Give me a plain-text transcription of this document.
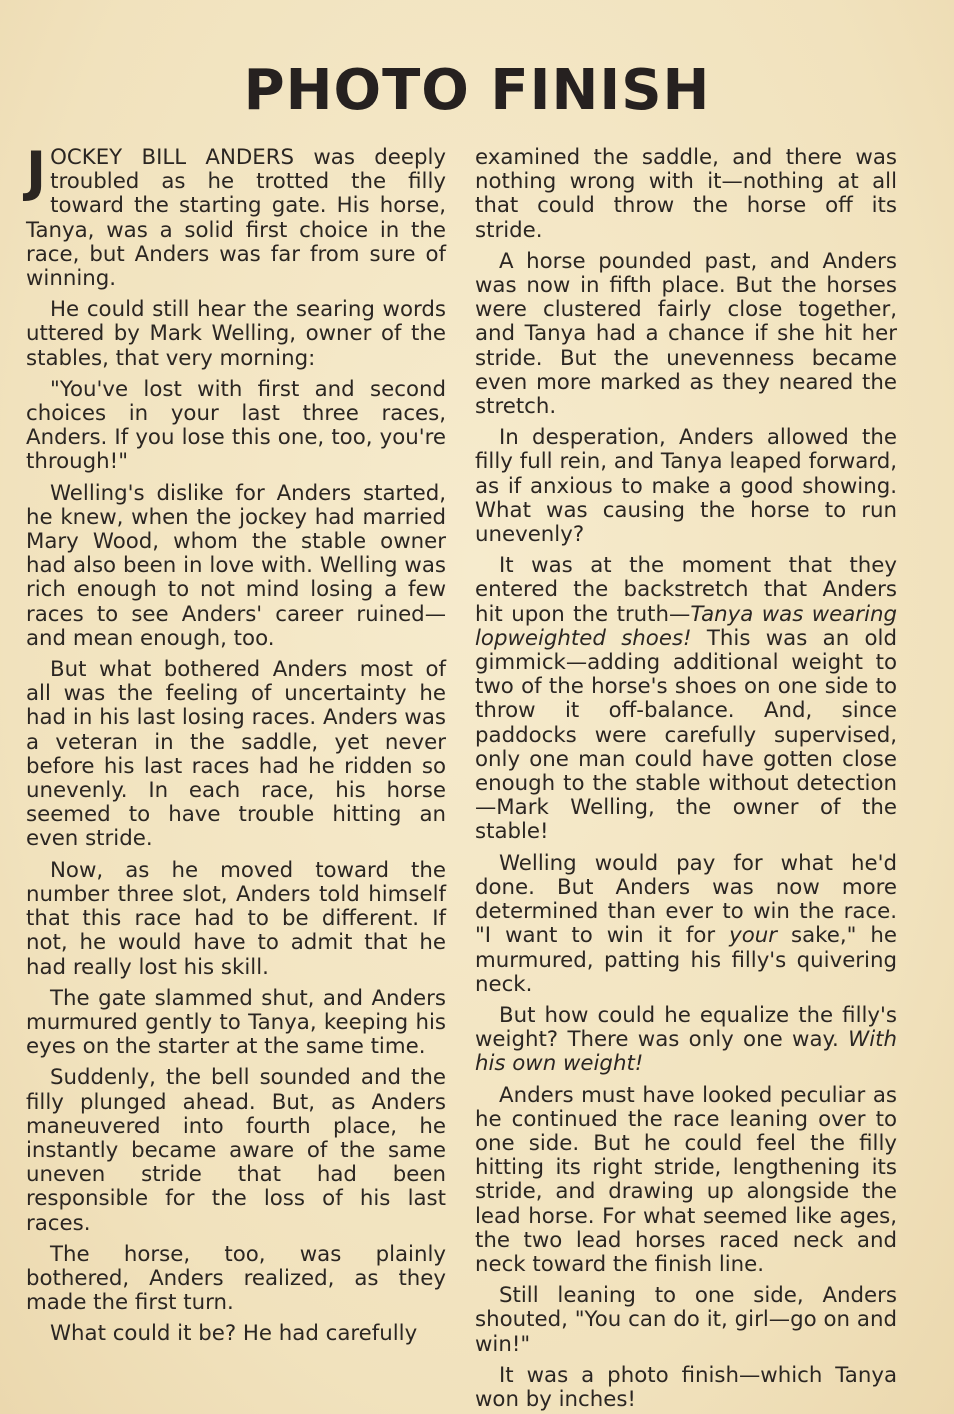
PHOTO FINISH

JOCKEY BILL ANDERS was deeply troubled as he trotted the filly toward the starting gate. His horse, Tanya, was a solid first choice in the race, but Anders was far from sure of winning.

He could still hear the searing words uttered by Mark Welling, owner of the stables, that very morning:

"You've lost with first and second choices in your last three races, Anders. If you lose this one, too, you're through!"

Welling's dislike for Anders started, he knew, when the jockey had married Mary Wood, whom the stable owner had also been in love with. Welling was rich enough to not mind losing a few races to see Anders' career ruined—and mean enough, too.

But what bothered Anders most of all was the feeling of uncertainty he had in his last losing races. Anders was a veteran in the saddle, yet never before his last races had he ridden so unevenly. In each race, his horse seemed to have trouble hitting an even stride.

Now, as he moved toward the number three slot, Anders told himself that this race had to be different. If not, he would have to admit that he had really lost his skill.

The gate slammed shut, and Anders murmured gently to Tanya, keeping his eyes on the starter at the same time.

Suddenly, the bell sounded and the filly plunged ahead. But, as Anders maneuvered into fourth place, he instantly became aware of the same uneven stride that had been responsible for the loss of his last races.

The horse, too, was plainly bothered, Anders realized, as they made the first turn.

What could it be? He had carefully

examined the saddle, and there was nothing wrong with it—nothing at all that could throw the horse off its stride.

A horse pounded past, and Anders was now in fifth place. But the horses were clustered fairly close together, and Tanya had a chance if she hit her stride. But the unevenness became even more marked as they neared the stretch.

In desperation, Anders allowed the filly full rein, and Tanya leaped forward, as if anxious to make a good showing. What was causing the horse to run unevenly?

It was at the moment that they entered the backstretch that Anders hit upon the truth—Tanya was wearing lopweighted shoes! This was an old gimmick—adding additional weight to two of the horse's shoes on one side to throw it off-balance. And, since paddocks were carefully supervised, only one man could have gotten close enough to the stable without detection—Mark Welling, the owner of the stable!

Welling would pay for what he'd done. But Anders was now more determined than ever to win the race. "I want to win it for your sake," he murmured, patting his filly's quivering neck.

But how could he equalize the filly's weight? There was only one way. With his own weight!

Anders must have looked peculiar as he continued the race leaning over to one side. But he could feel the filly hitting its right stride, lengthening its stride, and drawing up alongside the lead horse. For what seemed like ages, the two lead horses raced neck and neck toward the finish line.

Still leaning to one side, Anders shouted, "You can do it, girl—go on and win!"

It was a photo finish—which Tanya won by inches!
